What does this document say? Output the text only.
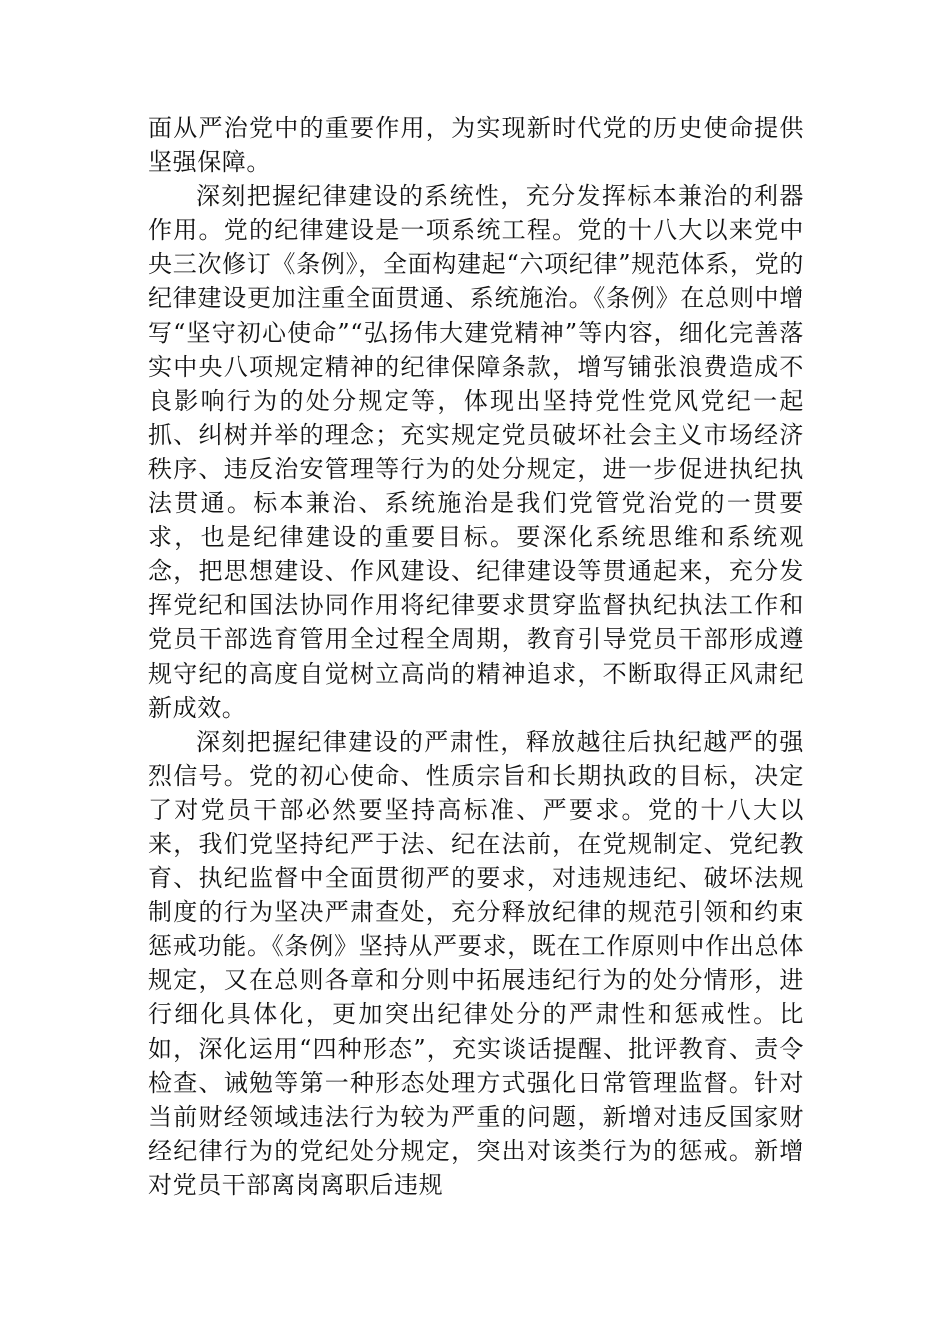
面从严治党中的重要作用，为实现新时代党的历史使命提供坚强保障。

深刻把握纪律建设的系统性，充分发挥标本兼治的利器作用。党的纪律建设是一项系统工程。党的十八大以来党中央三次修订《条例》，全面构建起“六项纪律”规范体系，党的纪律建设更加注重全面贯通、系统施治。《条例》在总则中增写“坚守初心使命”“弘扬伟大建党精神”等内容，细化完善落实中央八项规定精神的纪律保障条款，增写铺张浪费造成不良影响行为的处分规定等，体现出坚持党性党风党纪一起抓、纠树并举的理念；充实规定党员破坏社会主义市场经济秩序、违反治安管理等行为的处分规定，进一步促进执纪执法贯通。标本兼治、系统施治是我们党管党治党的一贯要求，也是纪律建设的重要目标。要深化系统思维和系统观念，把思想建设、作风建设、纪律建设等贯通起来，充分发挥党纪和国法协同作用将纪律要求贯穿监督执纪执法工作和党员干部选育管用全过程全周期，教育引导党员干部形成遵规守纪的高度自觉树立高尚的精神追求，不断取得正风肃纪新成效。

深刻把握纪律建设的严肃性，释放越往后执纪越严的强烈信号。党的初心使命、性质宗旨和长期执政的目标，决定了对党员干部必然要坚持高标准、严要求。党的十八大以来，我们党坚持纪严于法、纪在法前，在党规制定、党纪教育、执纪监督中全面贯彻严的要求，对违规违纪、破坏法规制度的行为坚决严肃查处，充分释放纪律的规范引领和约束惩戒功能。《条例》坚持从严要求，既在工作原则中作出总体规定，又在总则各章和分则中拓展违纪行为的处分情形，进行细化具体化，更加突出纪律处分的严肃性和惩戒性。比如，深化运用“四种形态”，充实谈话提醒、批评教育、责令检查、诫勉等第一种形态处理方式强化日常管理监督。针对当前财经领域违法行为较为严重的问题，新增对违反国家财经纪律行为的党纪处分规定，突出对该类行为的惩戒。新增对党员干部离岗离职后违规
